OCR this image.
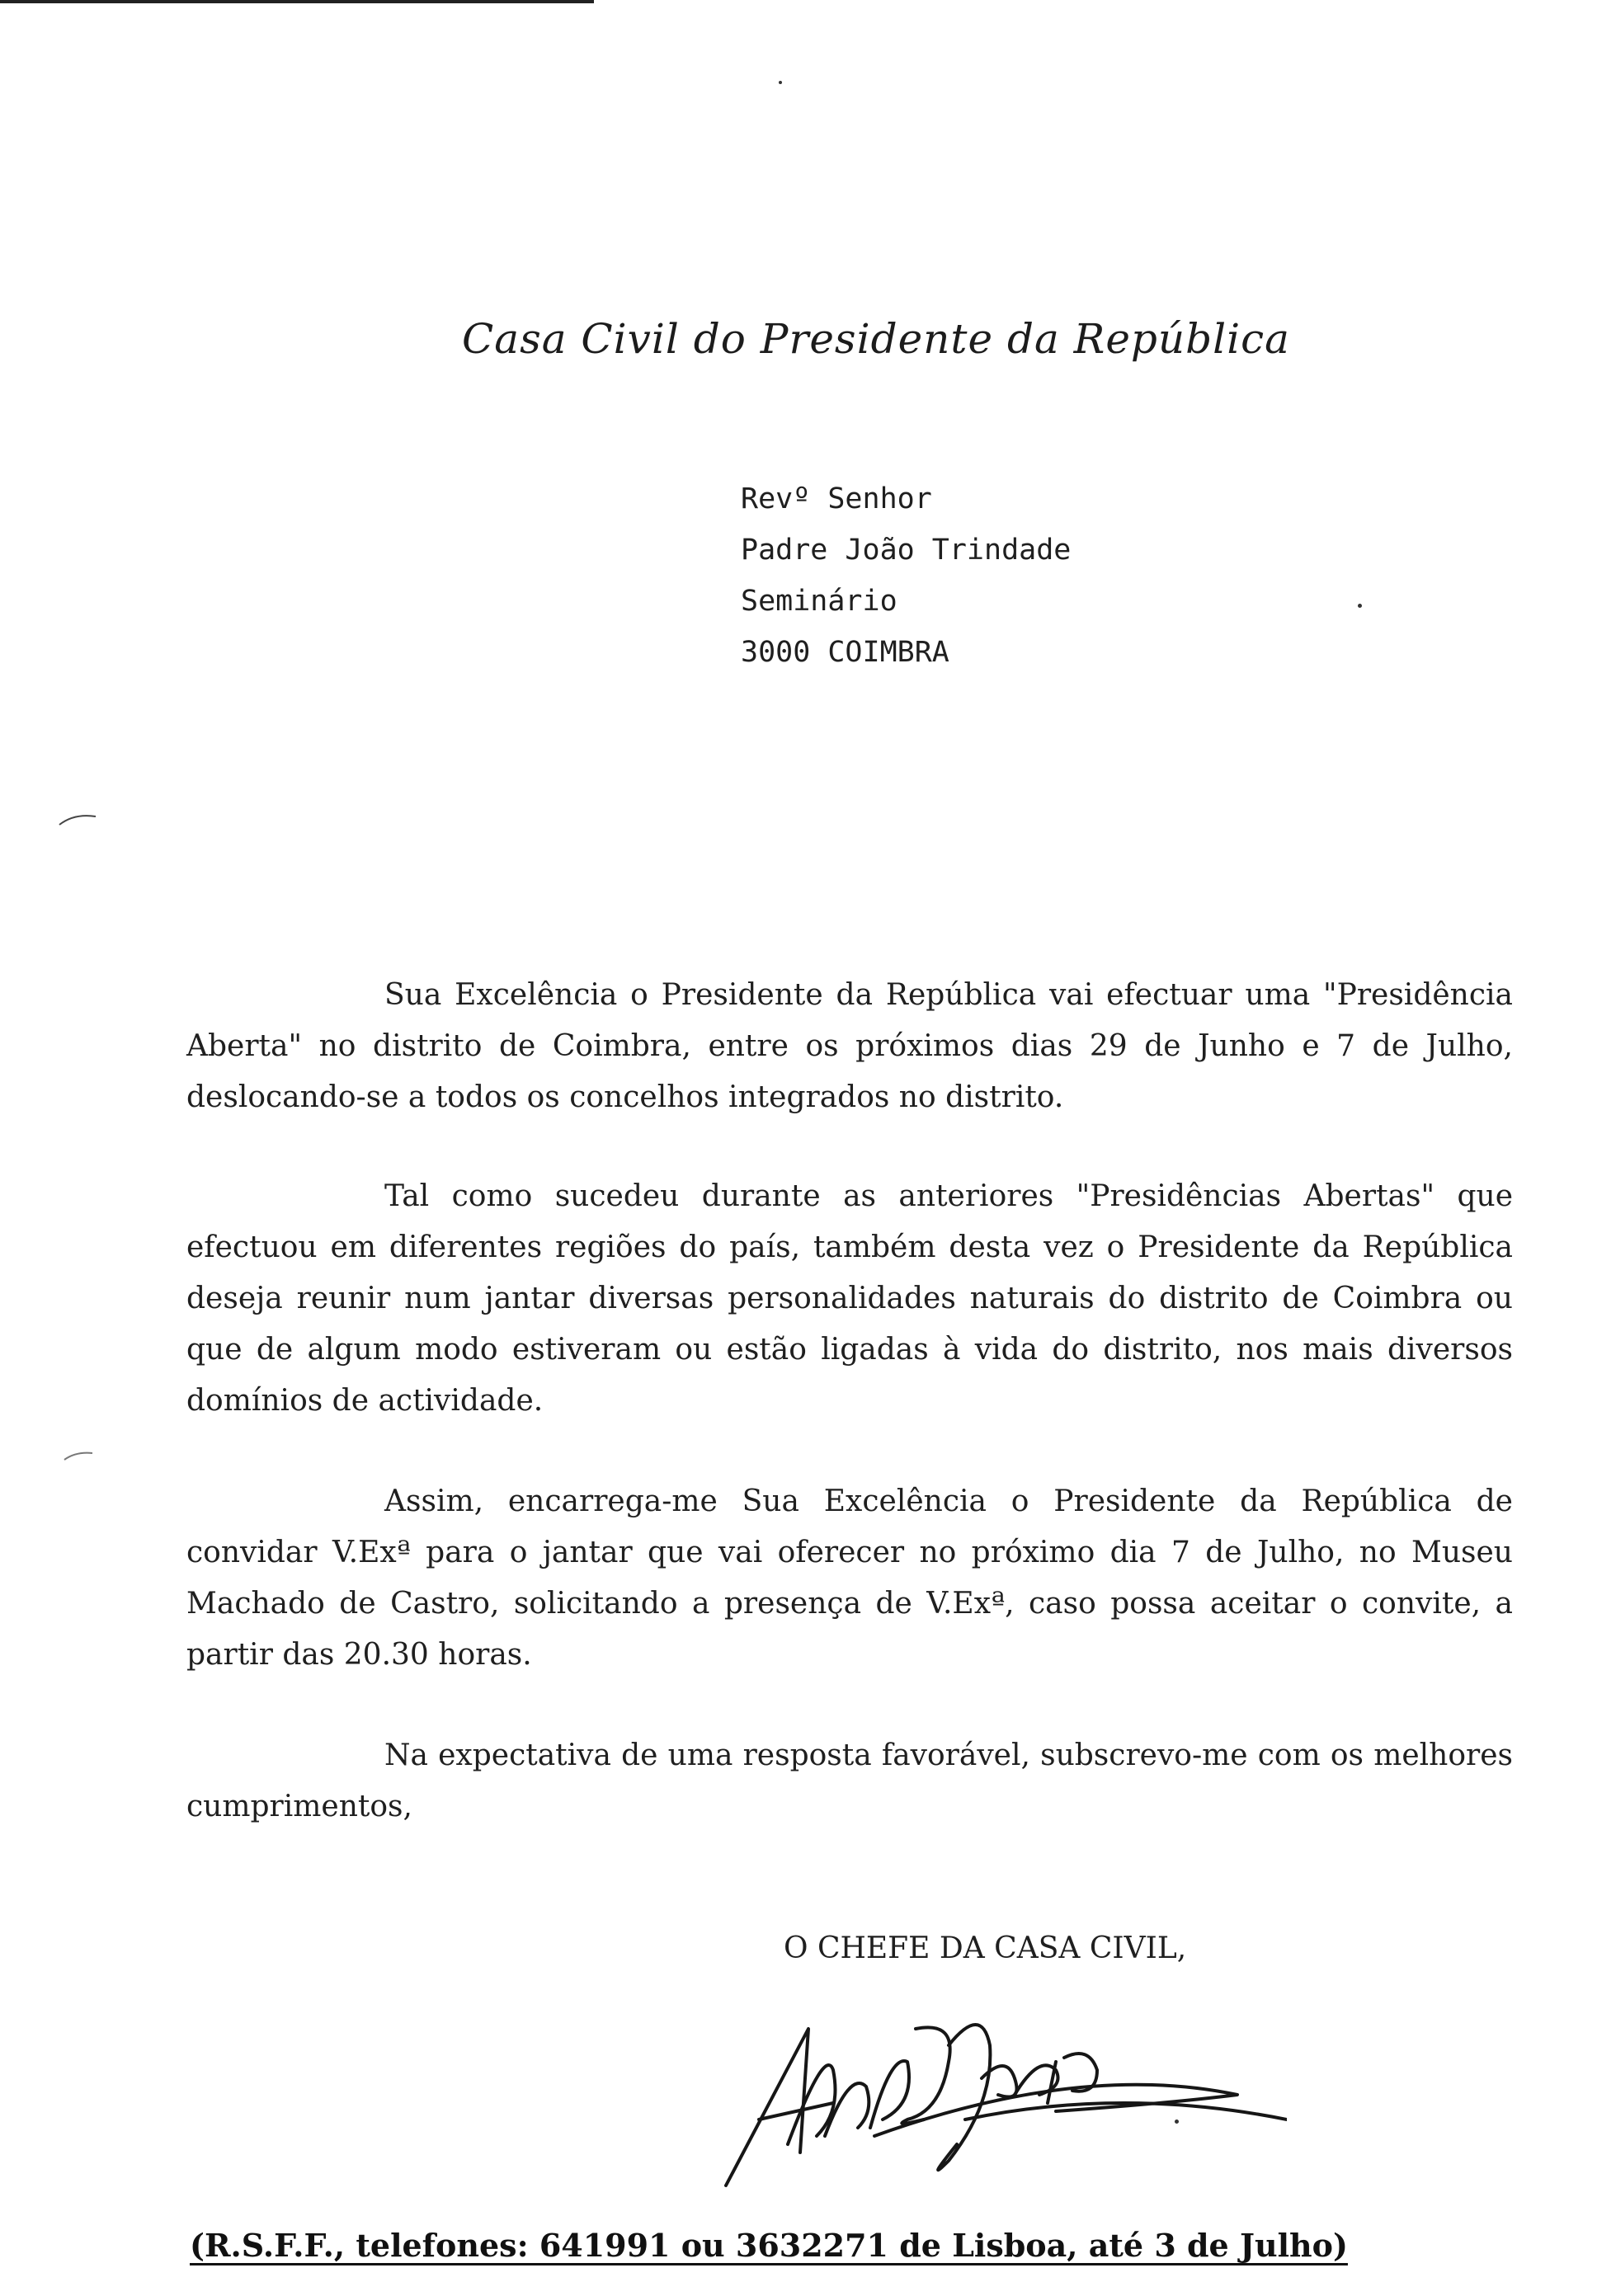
Casa Civil do Presidente da República
Revº Senhor
Padre João Trindade
Seminário
3000 COIMBRA

Sua Excelência o Presidente da República vai efectuar uma "Presidência Aberta" no distrito de Coimbra, entre os próximos dias 29 de Junho e 7 de Julho, deslocando-se a todos os concelhos integrados no distrito.

Tal como sucedeu durante as anteriores "Presidências Abertas" que efectuou em diferentes regiões do país, também desta vez o Presidente da República deseja reunir num jantar diversas personalidades naturais do distrito de Coimbra ou que de algum modo estiveram ou estão ligadas à vida do distrito, nos mais diversos domínios de actividade.

Assim, encarrega-me Sua Excelência o Presidente da República de convidar V.Exª para o jantar que vai oferecer no próximo dia 7 de Julho, no Museu Machado de Castro, solicitando a presença de V.Exª, caso possa aceitar o convite, a partir das 20.30 horas.

Na expectativa de uma resposta favorável, subscrevo-me com os melhores cumprimentos,

O CHEFE DA CASA CIVIL,
(R.S.F.F., telefones: 641991 ou 3632271 de Lisboa, até 3 de Julho)
